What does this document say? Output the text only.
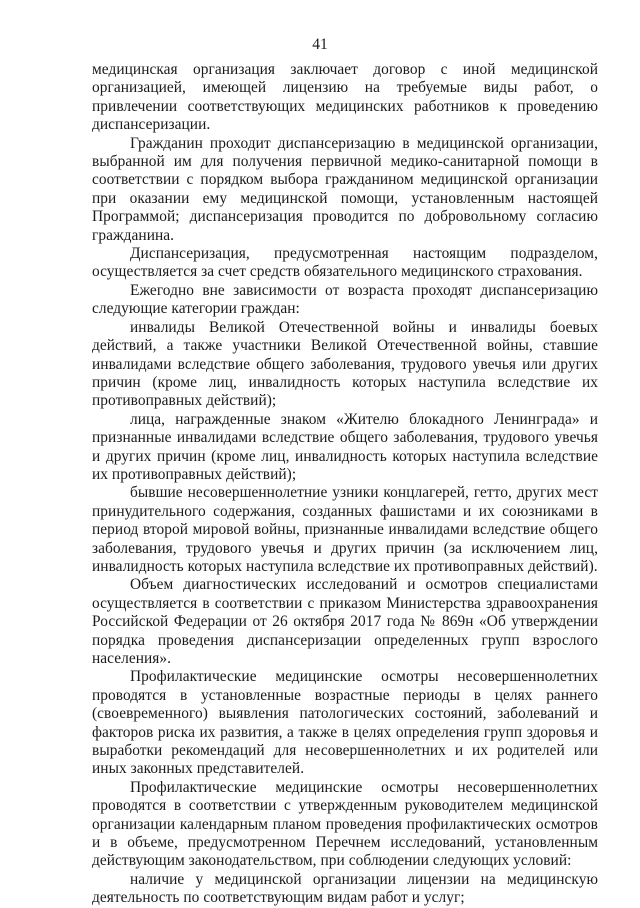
41

медицинская организация заключает договор с иной медицинской организацией, имеющей лицензию на требуемые виды работ, о привлечении соответствующих медицинских работников к проведению диспансеризации.

Гражданин проходит диспансеризацию в медицинской организации, выбранной им для получения первичной медико-санитарной помощи в соответствии с порядком выбора гражданином медицинской организации при оказании ему медицинской помощи, установленным настоящей Программой; диспансеризация проводится по добровольному согласию гражданина.

Диспансеризация, предусмотренная настоящим подразделом, осуществляется за счет средств обязательного медицинского страхования.

Ежегодно вне зависимости от возраста проходят диспансеризацию следующие категории граждан:

инвалиды Великой Отечественной войны и инвалиды боевых действий, а также участники Великой Отечественной войны, ставшие инвалидами вследствие общего заболевания, трудового увечья или других причин (кроме лиц, инвалидность которых наступила вследствие их противоправных действий);

лица, награжденные знаком «Жителю блокадного Ленинграда» и признанные инвалидами вследствие общего заболевания, трудового увечья и других причин (кроме лиц, инвалидность которых наступила вследствие их противоправных действий);

бывшие несовершеннолетние узники концлагерей, гетто, других мест принудительного содержания, созданных фашистами и их союзниками в период второй мировой войны, признанные инвалидами вследствие общего заболевания, трудового увечья и других причин (за исключением лиц, инвалидность которых наступила вследствие их противоправных действий).

Объем диагностических исследований и осмотров специалистами осуществляется в соответствии с приказом Министерства здравоохранения Российской Федерации от 26 октября 2017 года № 869н «Об утверждении порядка проведения диспансеризации определенных групп взрослого населения».

Профилактические медицинские осмотры несовершеннолетних проводятся в установленные возрастные периоды в целях раннего (своевременного) выявления патологических состояний, заболеваний и факторов риска их развития, а также в целях определения групп здоровья и выработки рекомендаций для несовершеннолетних и их родителей или иных законных представителей.

Профилактические медицинские осмотры несовершеннолетних проводятся в соответствии с утвержденным руководителем медицинской организации календарным планом проведения профилактических осмотров и в объеме, предусмотренном Перечнем исследований, установленным действующим законодательством, при соблюдении следующих условий:

наличие у медицинской организации лицензии на медицинскую деятельность по соответствующим видам работ и услуг;
